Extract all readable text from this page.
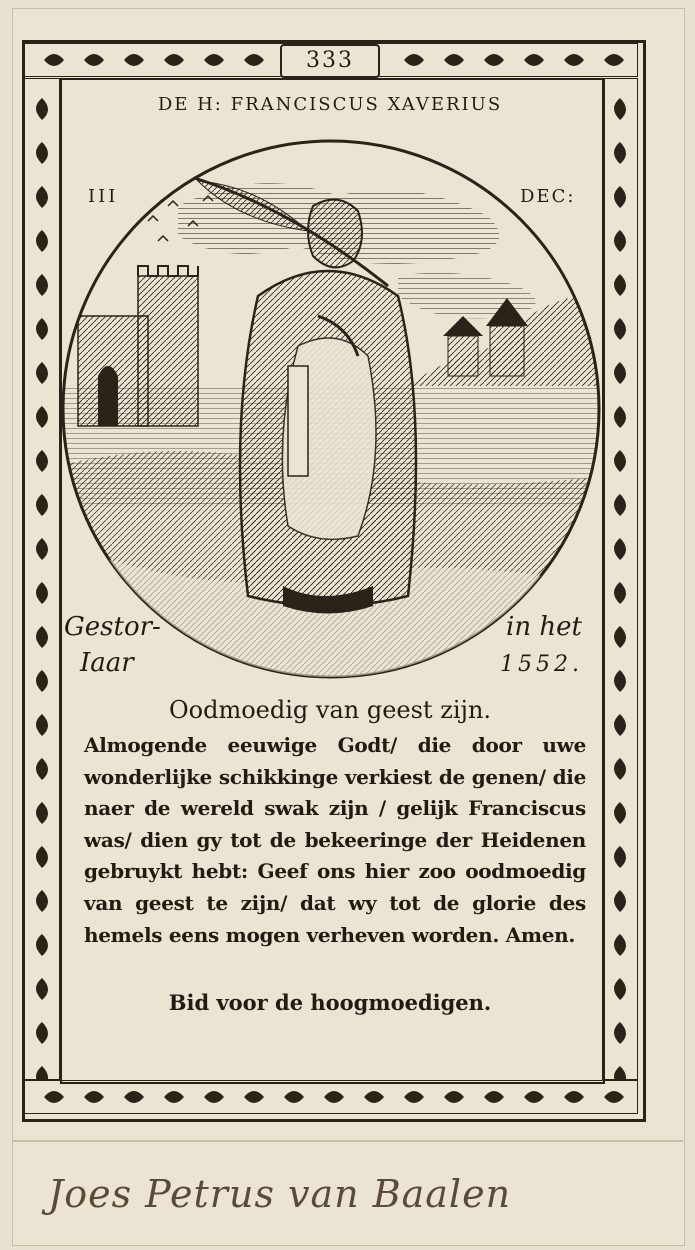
333
DE H: FRANCISCUS XAVERIUS
III	DEC:
Gestor-	in het
Iaar	1552.
Oodmoedig van geest zijn.
Almogende eeuwige Godt/ die door uwe wonderlijke schikkinge verkiest de genen/ die naer de wereld swak zijn / gelijk Franciscus was/ dien gy tot de bekeeringe der Heidenen gebruykt hebt: Geef ons hier zoo oodmoedig van geest te zijn/ dat wy tot de glorie des hemels eens mogen verheven worden. Amen.
Bid voor de hoogmoedigen.
Joes Petrus van Baalen
